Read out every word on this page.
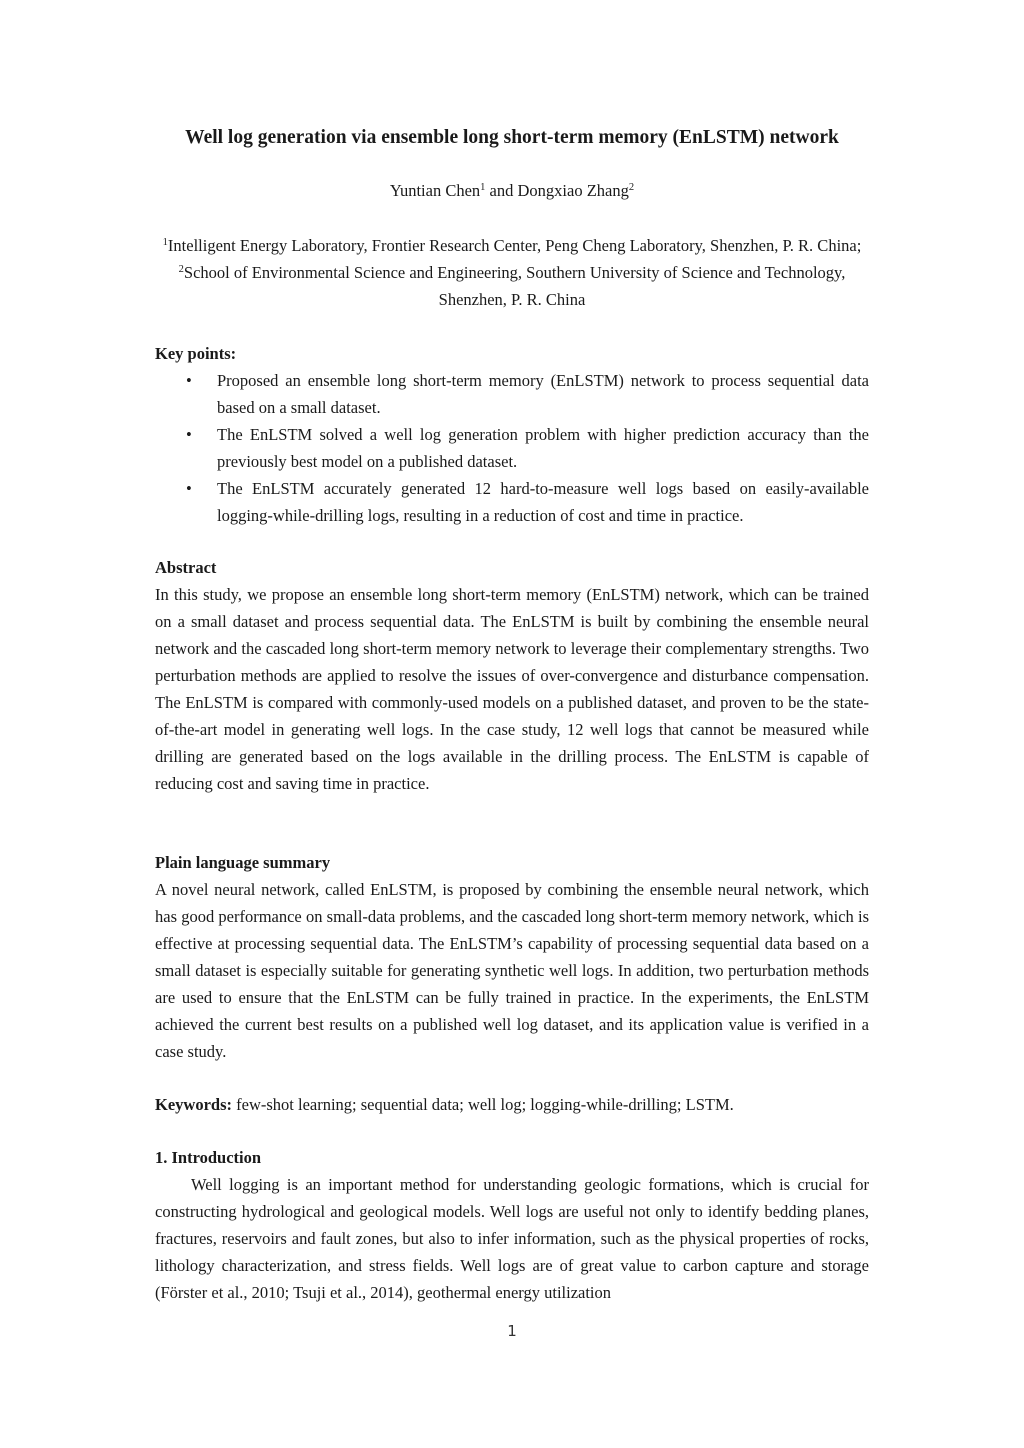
Well log generation via ensemble long short-term memory (EnLSTM) network
Yuntian Chen$^1$ and Dongxiao Zhang$^2$
$^1$Intelligent Energy Laboratory, Frontier Research Center, Peng Cheng Laboratory, Shenzhen, P. R. China; $^2$School of Environmental Science and Engineering, Southern University of Science and Technology, Shenzhen, P. R. China
Key points:
• Proposed an ensemble long short-term memory (EnLSTM) network to process sequential data based on a small dataset.
• The EnLSTM solved a well log generation problem with higher prediction accuracy than the previously best model on a published dataset.
• The EnLSTM accurately generated 12 hard-to-measure well logs based on easily-available logging-while-drilling logs, resulting in a reduction of cost and time in practice.
Abstract
In this study, we propose an ensemble long short-term memory (EnLSTM) network, which can be trained on a small dataset and process sequential data. The EnLSTM is built by combining the ensemble neural network and the cascaded long short-term memory network to leverage their complementary strengths. Two perturbation methods are applied to resolve the issues of over-convergence and disturbance compensation. The EnLSTM is compared with commonly-used models on a published dataset, and proven to be the state-of-the-art model in generating well logs. In the case study, 12 well logs that cannot be measured while drilling are generated based on the logs available in the drilling process. The EnLSTM is capable of reducing cost and saving time in practice.
Plain language summary
A novel neural network, called EnLSTM, is proposed by combining the ensemble neural network, which has good performance on small-data problems, and the cascaded long short-term memory network, which is effective at processing sequential data. The EnLSTM’s capability of processing sequential data based on a small dataset is especially suitable for generating synthetic well logs. In addition, two perturbation methods are used to ensure that the EnLSTM can be fully trained in practice. In the experiments, the EnLSTM achieved the current best results on a published well log dataset, and its application value is verified in a case study.
Keywords: few-shot learning; sequential data; well log; logging-while-drilling; LSTM.
1. Introduction
Well logging is an important method for understanding geologic formations, which is crucial for constructing hydrological and geological models. Well logs are useful not only to identify bedding planes, fractures, reservoirs and fault zones, but also to infer information, such as the physical properties of rocks, lithology characterization, and stress fields. Well logs are of great value to carbon capture and storage (Förster et al., 2010; Tsuji et al., 2014), geothermal energy utilization
1
